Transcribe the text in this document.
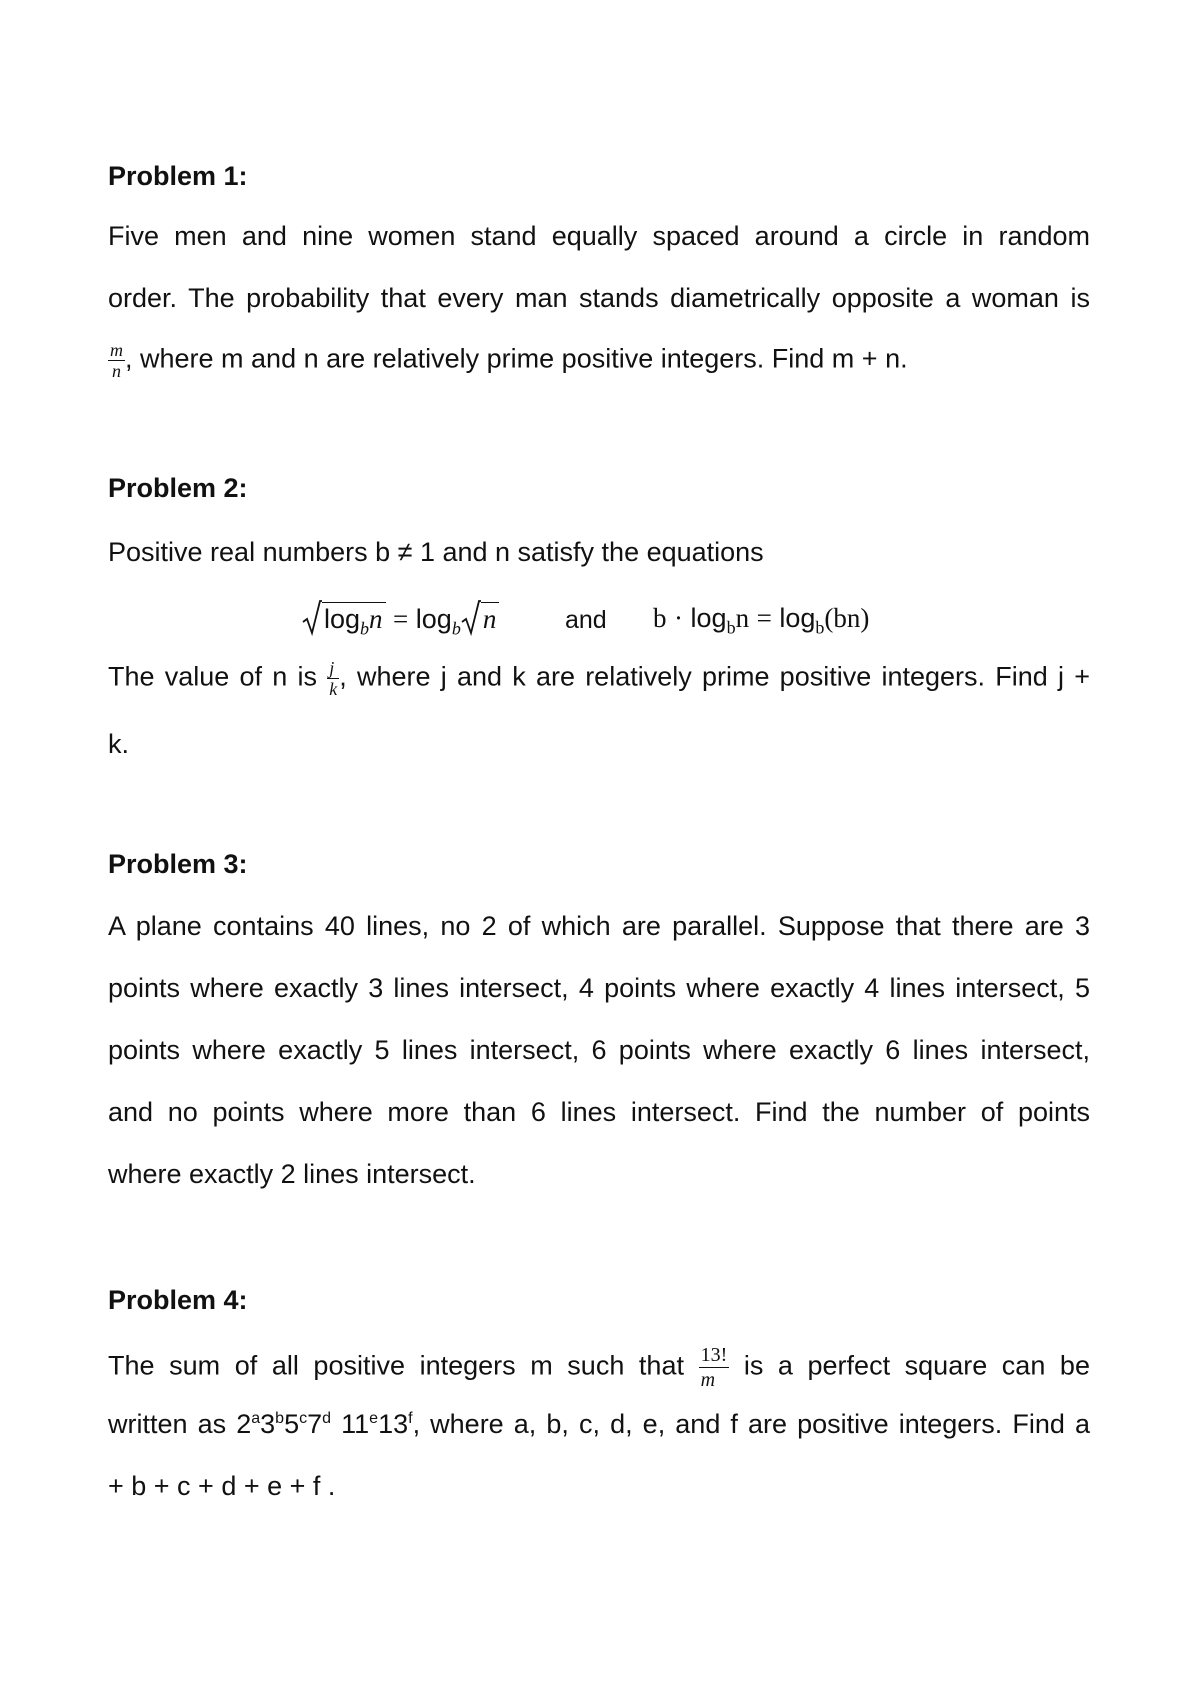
Problem 1:
Five men and nine women stand equally spaced around a circle in random
order. The probability that every man stands diametrically opposite a woman is
$\frac{m}{n}$ , where m and n are relatively prime positive integers. Find m + n.
Problem 2:
Positive real numbers b ≠ 1 and n satisfy the equations
$\log_bn = \log_b n$	and $b \cdot \log_bn = \log_b(bn)$
The value of n is $\frac{j}{k}$ , where j and k are relatively prime positive integers. Find j +
k.
Problem 3:
A plane contains 40 lines, no 2 of which are parallel. Suppose that there are 3
points where exactly 3 lines intersect, 4 points where exactly 4 lines intersect, 5
points where exactly 5 lines intersect, 6 points where exactly 6 lines intersect,
and no points where more than 6 lines intersect. Find the number of points
where exactly 2 lines intersect.
Problem 4:
The sum of all positive integers m such that $\frac{13!}{m}$ is a perfect square can be
written as 2$^a$3$^b$5$^c$7$^d$ 11e13$^f$, where a, b, c, d, e, and f are positive integers. Find a
+ b + c + d + e + f .
